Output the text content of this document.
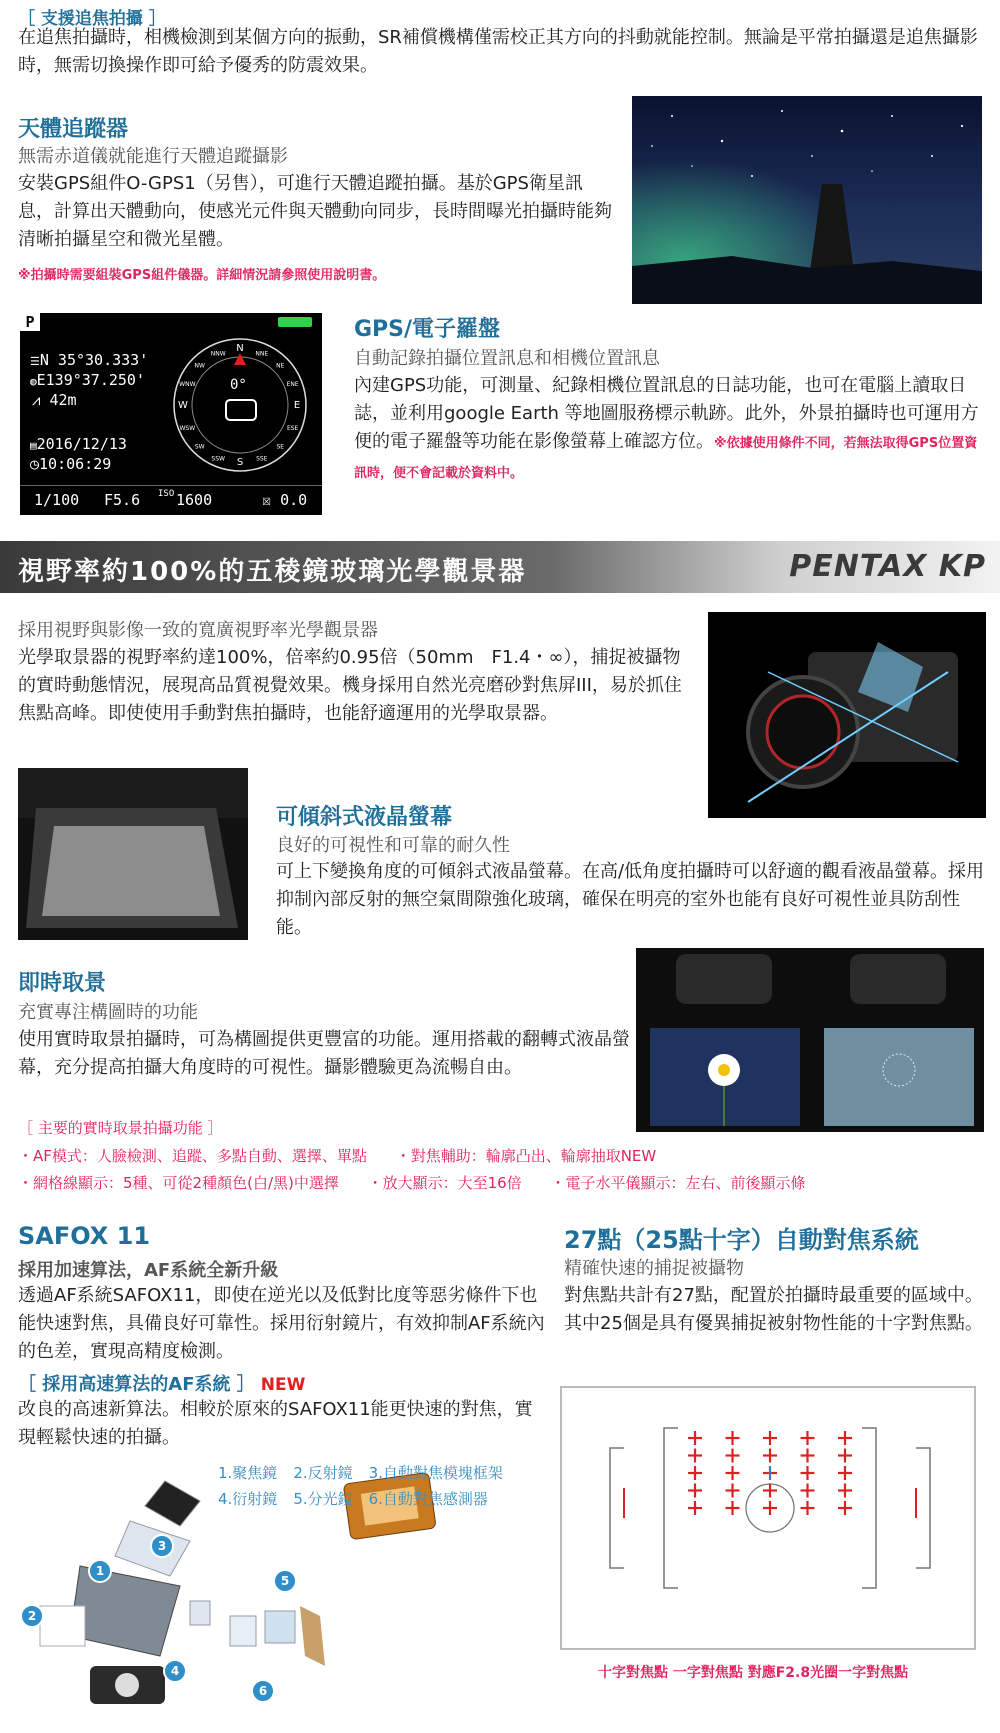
［ 支援追焦拍攝 ］
在追焦拍攝時，相機檢測到某個方向的振動，SR補償機構僅需校正其方向的抖動就能控制。無論是平常拍攝還是追焦攝影時，無需切換操作即可給予優秀的防震效果。
天體追蹤器
無需赤道儀就能進行天體追蹤攝影
安裝GPS組件O-GPS1（另售），可進行天體追蹤拍攝。基於GPS衛星訊息，計算出天體動向，使感光元件與天體動向同步，長時間曝光拍攝時能夠清晰拍攝星空和微光星體。
※拍攝時需要組裝GPS組件儀器。詳細情況請參照使用說明書。
P
☰N 35°30.333'
◍E139°37.250'
⩘ 42m
▤2016/12/13
◷10:06:29
N NNE
NE
ENE
E
ESE
SE
SSE
S
SSW
SW
WSW
W
WNW
NW
NNW
0°
1/100 F5.6 ISO 1600	☒ 0.0
GPS/電子羅盤
自動記錄拍攝位置訊息和相機位置訊息
內建GPS功能，可測量、紀錄相機位置訊息的日誌功能，也可在電腦上讀取日誌，並利用google Earth 等地圖服務標示軌跡。此外，外景拍攝時也可運用方便的電子羅盤等功能在影像螢幕上確認方位。※依據使用條件不同，若無法取得GPS位置資訊時，便不會記載於資料中。
視野率約100%的五稜鏡玻璃光學觀景器	PENTAX KP
採用視野與影像一致的寬廣視野率光學觀景器
光學取景器的視野率約達100%，倍率約0.95倍（50mm　F1.4・∞），捕捉被攝物的實時動態情況，展現高品質視覺效果。機身採用自然光亮磨砂對焦屏III，易於抓住焦點高峰。即使使用手動對焦拍攝時，也能舒適運用的光學取景器。
可傾斜式液晶螢幕
良好的可視性和可靠的耐久性
可上下變換角度的可傾斜式液晶螢幕。在高/低角度拍攝時可以舒適的觀看液晶螢幕。採用抑制內部反射的無空氣間隙強化玻璃，確保在明亮的室外也能有良好可視性並具防刮性能。
即時取景
充實專注構圖時的功能
使用實時取景拍攝時，可為構圖提供更豐富的功能。運用搭載的翻轉式液晶螢幕，充分提高拍攝大角度時的可視性。攝影體驗更為流暢自由。
［ 主要的實時取景拍攝功能 ］
・AF模式：人臉檢測、追蹤、多點自動、選擇、單點 ・對焦輔助：輪廓凸出、輪廓抽取NEW
・網格線顯示：5種、可從2種顏色(白/黑)中選擇 ・放大顯示：大至16倍 ・電子水平儀顯示：左右、前後顯示條
SAFOX 11
採用加速算法，AF系統全新升級
透過AF系統SAFOX11，即使在逆光以及低對比度等惡劣條件下也能快速對焦，具備良好可靠性。採用衍射鏡片，有效抑制AF系統內的色差，實現高精度檢測。
［ 採用高速算法的AF系統 ］ NEW
改良的高速新算法。相較於原來的SAFOX11能更快速的對焦，實現輕鬆快速的拍攝。
1
2
3
4
5
6
1.聚焦鏡 2.反射鏡 3.自動對焦模塊框架
4.衍射鏡 5.分光鏡 6.自動對焦感測器
27點（25點十字）自動對焦系統
精確快速的捕捉被攝物
對焦點共計有27點，配置於拍攝時最重要的區域中。其中25個是具有優異捕捉被射物性能的十字對焦點。
十字對焦點 一字對焦點 對應F2.8光圈一字對焦點
